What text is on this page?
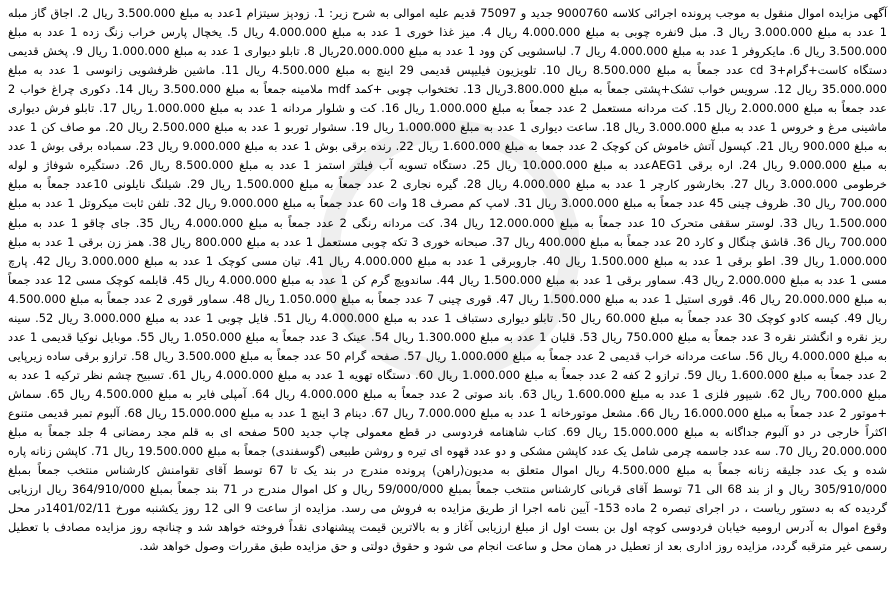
آگهی مزایده اموال منقول به موجب پرونده اجرائی کلاسه 9000760 جدید و 75097 قدیم علیه اموالی به شرح زیر: 1. زودپز سیتزام 1عدد به مبلغ 3.500.000 ریال 2. اجاق گاز مبله 1 عدد به مبلغ 3.000.000 ریال 3. مبل 9نفره چوبی به مبلغ 4.000.000 ریال 4. میز غذا خوری 1 عدد به مبلغ 4.000.000 ریال 5. یخچال پارس خراب زنگ زده 1 عدد به مبلغ 3.500.000 ریال 6. مایکروفر 1 عدد به مبلغ 4.000.000 ریال 7. لباسشویی کن وود 1 عدد به مبلغ 20.000.000ریال 8. تابلو دیواری 1 عدد به مبلغ 1.000.000 ریال 9. پخش قدیمی دستگاه کاست+گرام+3 cd عدد جمعاً به مبلغ 8.500.000 ریال 10. تلویزیون فیلیپس قدیمی 29 اینچ به مبلغ 4.500.000 ریال 11. ماشین ظرفشویی زانوسی 1 عدد به مبلغ 35.000.000 ریال 12. سرویس خواب تشک+پشتی جمعاً به مبلغ 3.800.000ریال 13. تختخواب چوبی +کمد mdf ملامینه جمعاً به مبلغ 3.500.000 ریال 14. دکوری چراغ خواب 2 عدد جمعاً به مبلغ 2.000.000 ریال 15. کت مردانه مستعمل 2 عدد جمعاً به مبلغ 1.000.000 ریال 16. کت و شلوار مردانه 1 عدد به مبلغ 1.000.000 ریال 17. تابلو فرش دیواری ماشینی مرغ و خروس 1 عدد به مبلغ 3.000.000 ریال 18. ساعت دیواری 1 عدد به مبلغ 1.000.000 ریال 19. سشوار توربو 1 عدد به مبلغ 2.500.000 ریال 20. مو صاف کن 1 عدد به مبلغ 900.000 ریال 21. کپسول آتش خاموش کن کوچک 2 عدد جمعا به مبلغ 1.600.000 ریال 22. رنده برقی بوش 1 عدد به مبلغ 9.000.000 ریال 23. سمباده برقی بوش 1 عدد به مبلغ 9.000.000 ریال 24. اره برقی AEG1عدد به مبلغ 10.000.000 ریال 25. دستگاه تسویه آب فیلتر استمز 1 عدد به مبلغ 8.500.000 ریال 26. دستگیره شوفاژ و لوله خرطومی 3.000.000 ریال 27. بخارشور کارچر 1 عدد به مبلغ 4.000.000 ریال 28. گیره نجاری 2 عدد جمعاً به مبلغ 1.500.000 ریال 29. شیلنگ نایلونی 10عدد جمعاً به مبلغ 700.000 ریال 30. ظروف چینی 45 عدد جمعاً به مبلغ 3.000.000 ریال 31. لامپ کم مصرف 18 وات 60 عدد جمعاً به مبلغ 9.000.000 ریال 32. تلفن ثابت میکروتل 1 عدد به مبلغ 1.500.000 ریال 33. لوستر سقفی متحرک 10 عدد جمعاً به مبلغ 12.000.000 ریال 34. کت مردانه رنگی 2 عدد جمعاً به مبلغ 4.000.000 ریال 35. جای چاقو 1 عدد به مبلغ 700.000 ریال 36. قاشق چنگال و کارد 20 عدد جمعاً به مبلغ 400.000 ریال 37. صبحانه خوری 3 تکه چوبی مستعمل 1 عدد به مبلغ 800.000 ریال 38. همز زن برقی 1 عدد به مبلغ 1.000.000 ریال 39. اطو برقی 1 عدد به مبلغ 1.500.000 ریال 40. جاروبرقی 1 عدد به مبلغ 4.000.000 ریال 41. تیان مسی کوچک 1 عدد به مبلغ 3.000.000 ریال 42. پارچ مسی 1 عدد به مبلغ 2.000.000 ریال 43. سماور برقی 1 عدد به مبلغ 1.500.000 ریال 44. ساندویچ گرم کن 1 عدد به مبلغ 4.000.000 ریال 45. قابلمه کوچک مسی 12 عدد جمعاً به مبلغ 20.000.000 ریال 46. قوری استیل 1 عدد به مبلغ 1.500.000 ریال 47. قوری چینی 7 عدد جمعاً به مبلغ 1.050.000 ریال 48. سماور قوری 2 عدد جمعاً به مبلغ 4.500.000 ریال 49. کیسه کادو کوچک 30 عدد جمعاً به مبلغ 60.000 ریال 50. تابلو دیواری دستباف 1 عدد به مبلغ 4.000.000 ریال 51. فایل چوبی 1 عدد به مبلغ 3.000.000 ریال 52. سینه ریز نقره و انگشتر نقره 3 عدد جمعاً به مبلغ 750.000 ریال 53. قلیان 1 عدد به مبلغ 1.300.000 ریال 54. عینک 3 عدد جمعاً به مبلغ 1.050.000 ریال 55. موبایل نوکیا قدیمی 1 عدد به مبلغ 4.000.000 ریال 56. ساعت مردانه خراب قدیمی 2 عدد جمعاً به مبلغ 1.000.000 ریال 57. صفحه گرام 50 عدد جمعاً به مبلغ 3.500.000 ریال 58. ترازو برقی ساده زیرپایی 2 عدد جمعاً به مبلغ 1.600.000 ریال 59. ترازو 2 کفه 2 عدد جمعاً به مبلغ 1.000.000 ریال 60. دستگاه تهویه 1 عدد به مبلغ 4.000.000 ریال 61. تسبیح چشم نظر ترکیه 1 عدد به مبلغ 700.000 ریال 62. شیپور فلزی 1 عدد به مبلغ 1.600.000 ریال 63. باند صوتی 2 عدد جمعاً به مبلغ 4.000.000 ریال 64. آمپلی فایر به مبلغ 4.500.000 ریال 65. سماش +موتور 2 عدد جمعاً به مبلغ 16.000.000 ریال 66. مشعل موتورخانه 1 عدد به مبلغ 7.000.000 ریال 67. دینام 3 اینچ 1 عدد به مبلغ 15.000.000 ریال 68. آلبوم تمبر قدیمی متنوع اکثراً خارجی در دو آلبوم جداگانه به مبلغ 15.000.000 ریال 69. کتاب شاهنامه فردوسی در قطع معمولی چاپ جدید 500 صفحه ای به قلم مجد رمضانی 4 جلد جمعاً به مبلغ 20.000.000 ریال 70. سه عدد جاسمه چرمی شامل یک عدد کاپشن مشکی و دو عدد قهوه ای تیره و روشن طبیعی (گوسفندی) جمعاً به مبلغ 19.500.000 ریال 71. کاپشن زنانه پاره شده و یک عدد جلیقه زنانه جمعاً به مبلغ 4.500.000 ریال اموال متعلق به مدیون(راهن) پرونده مندرج در بند یک تا 67 توسط آقای تقوامنش کارشناس منتخب جمعاً بمبلغ 305/910/000 ریال و از بند 68 الی 71 توسط آقای قربانی کارشناس منتخب جمعاً بمبلغ 59/000/000 ریال و کل اموال مندرج در 71 بند جمعاً بمبلغ 364/910/000 ریال ارزیابی گردیده که به دستور ریاست ، در اجرای تبصره 2 ماده 153- آیین نامه اجرا از طریق مزایده به فروش می رسد. مزایده از ساعت 9 الی 12 روز یکشنبه مورخ 1401/02/11در محل وقوع اموال به آدرس ارومیه خیابان فردوسی کوچه اول بن بست اول از مبلغ ارزیابی آغاز و به بالاترین قیمت پیشنهادی نقداً فروخته خواهد شد و چنانچه روز مزایده مصادف با تعطیل رسمی غیر مترقبه گردد، مزایده روز اداری بعد از تعطیل در همان محل و ساعت انجام می شود و حقوق دولتی و حق مزایده طبق مقررات وصول خواهد شد.
